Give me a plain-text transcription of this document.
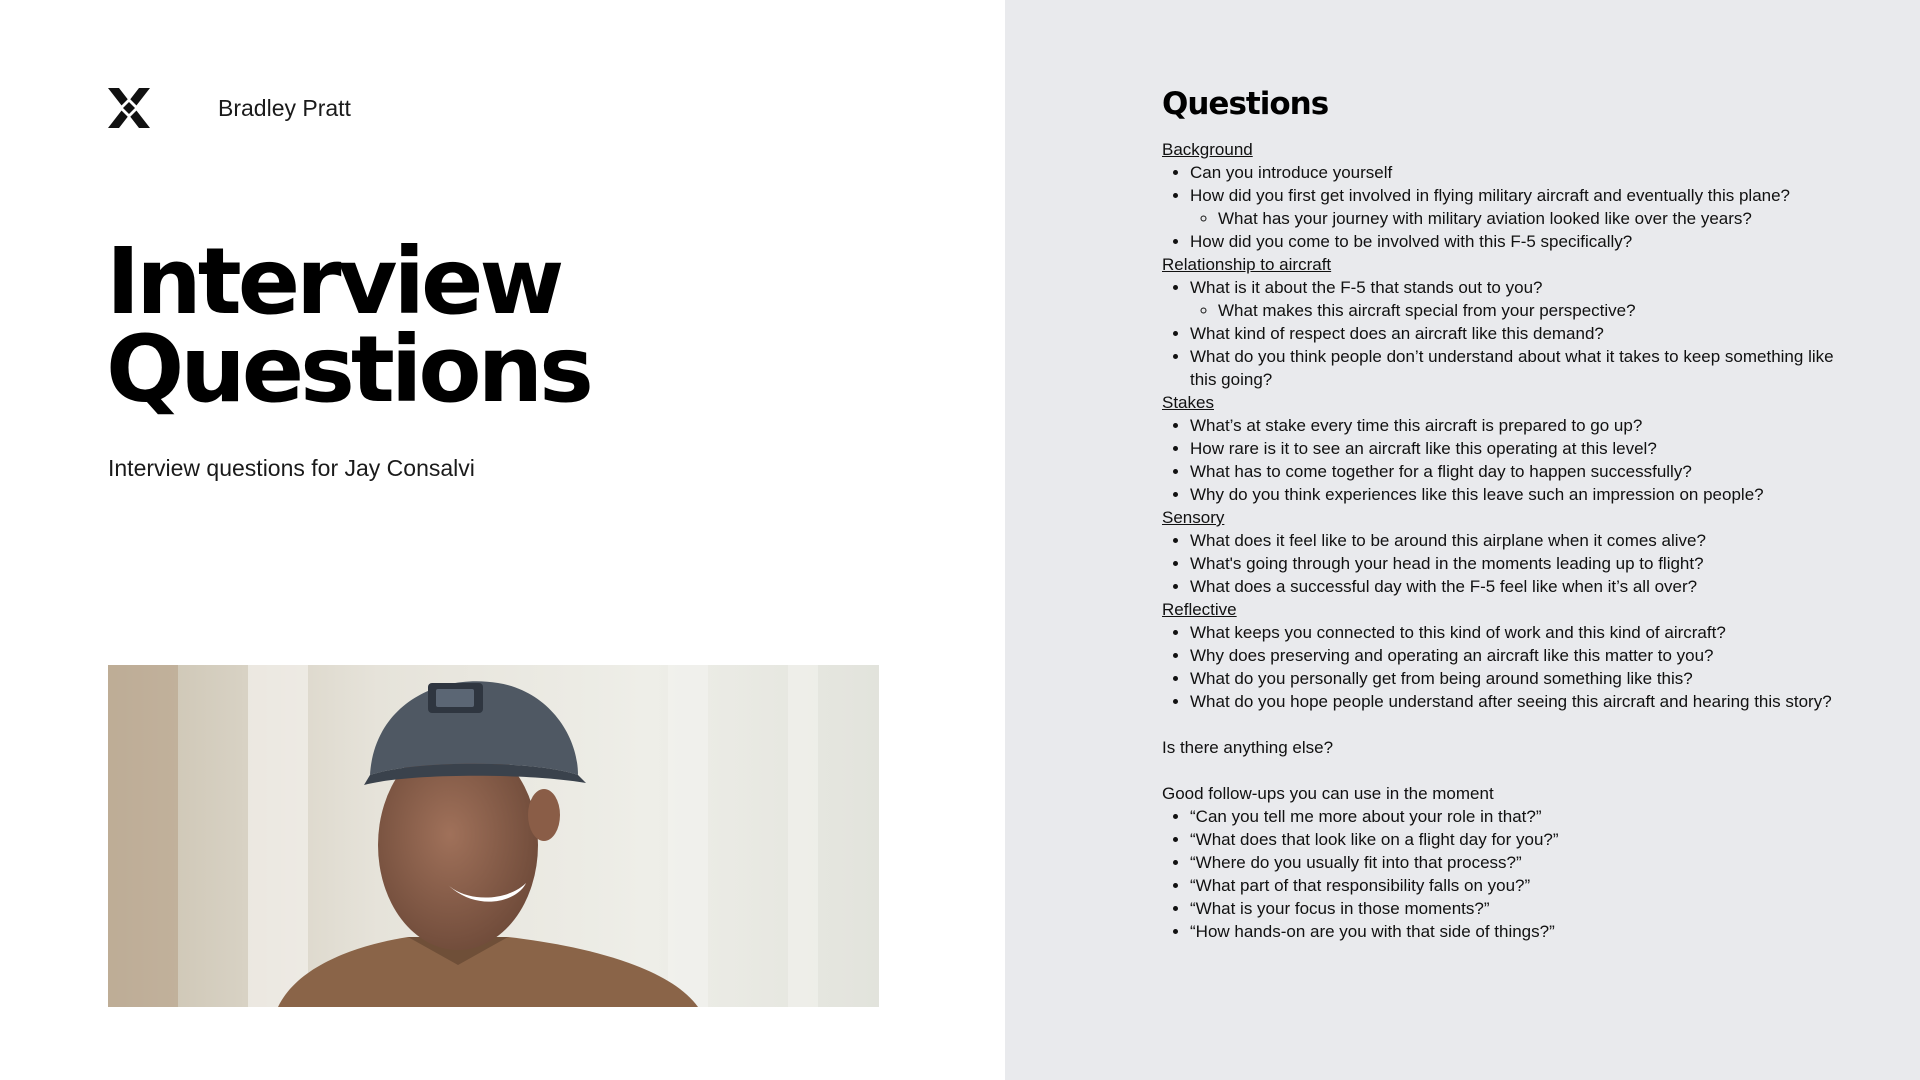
Bradley Pratt
Interview
Questions
Interview questions for Jay Consalvi
Questions
Background
• Can you introduce yourself
• How did you first get involved in flying military aircraft and eventually this plane?
◦ What has your journey with military aviation looked like over the years?
• How did you come to be involved with this F-5 specifically?
Relationship to aircraft
• What is it about the F-5 that stands out to you?
◦ What makes this aircraft special from your perspective?
• What kind of respect does an aircraft like this demand?
• What do you think people don’t understand about what it takes to keep something like this going?
Stakes
• What’s at stake every time this aircraft is prepared to go up?
• How rare is it to see an aircraft like this operating at this level?
• What has to come together for a flight day to happen successfully?
• Why do you think experiences like this leave such an impression on people?
Sensory
• What does it feel like to be around this airplane when it comes alive?
• What's going through your head in the moments leading up to flight?
• What does a successful day with the F-5 feel like when it’s all over?
Reflective
• What keeps you connected to this kind of work and this kind of aircraft?
• Why does preserving and operating an aircraft like this matter to you?
• What do you personally get from being around something like this?
• What do you hope people understand after seeing this aircraft and hearing this story?
Is there anything else?
Good follow-ups you can use in the moment
• “Can you tell me more about your role in that?”
• “What does that look like on a flight day for you?”
• “Where do you usually fit into that process?”
• “What part of that responsibility falls on you?”
• “What is your focus in those moments?”
• “How hands-on are you with that side of things?”
